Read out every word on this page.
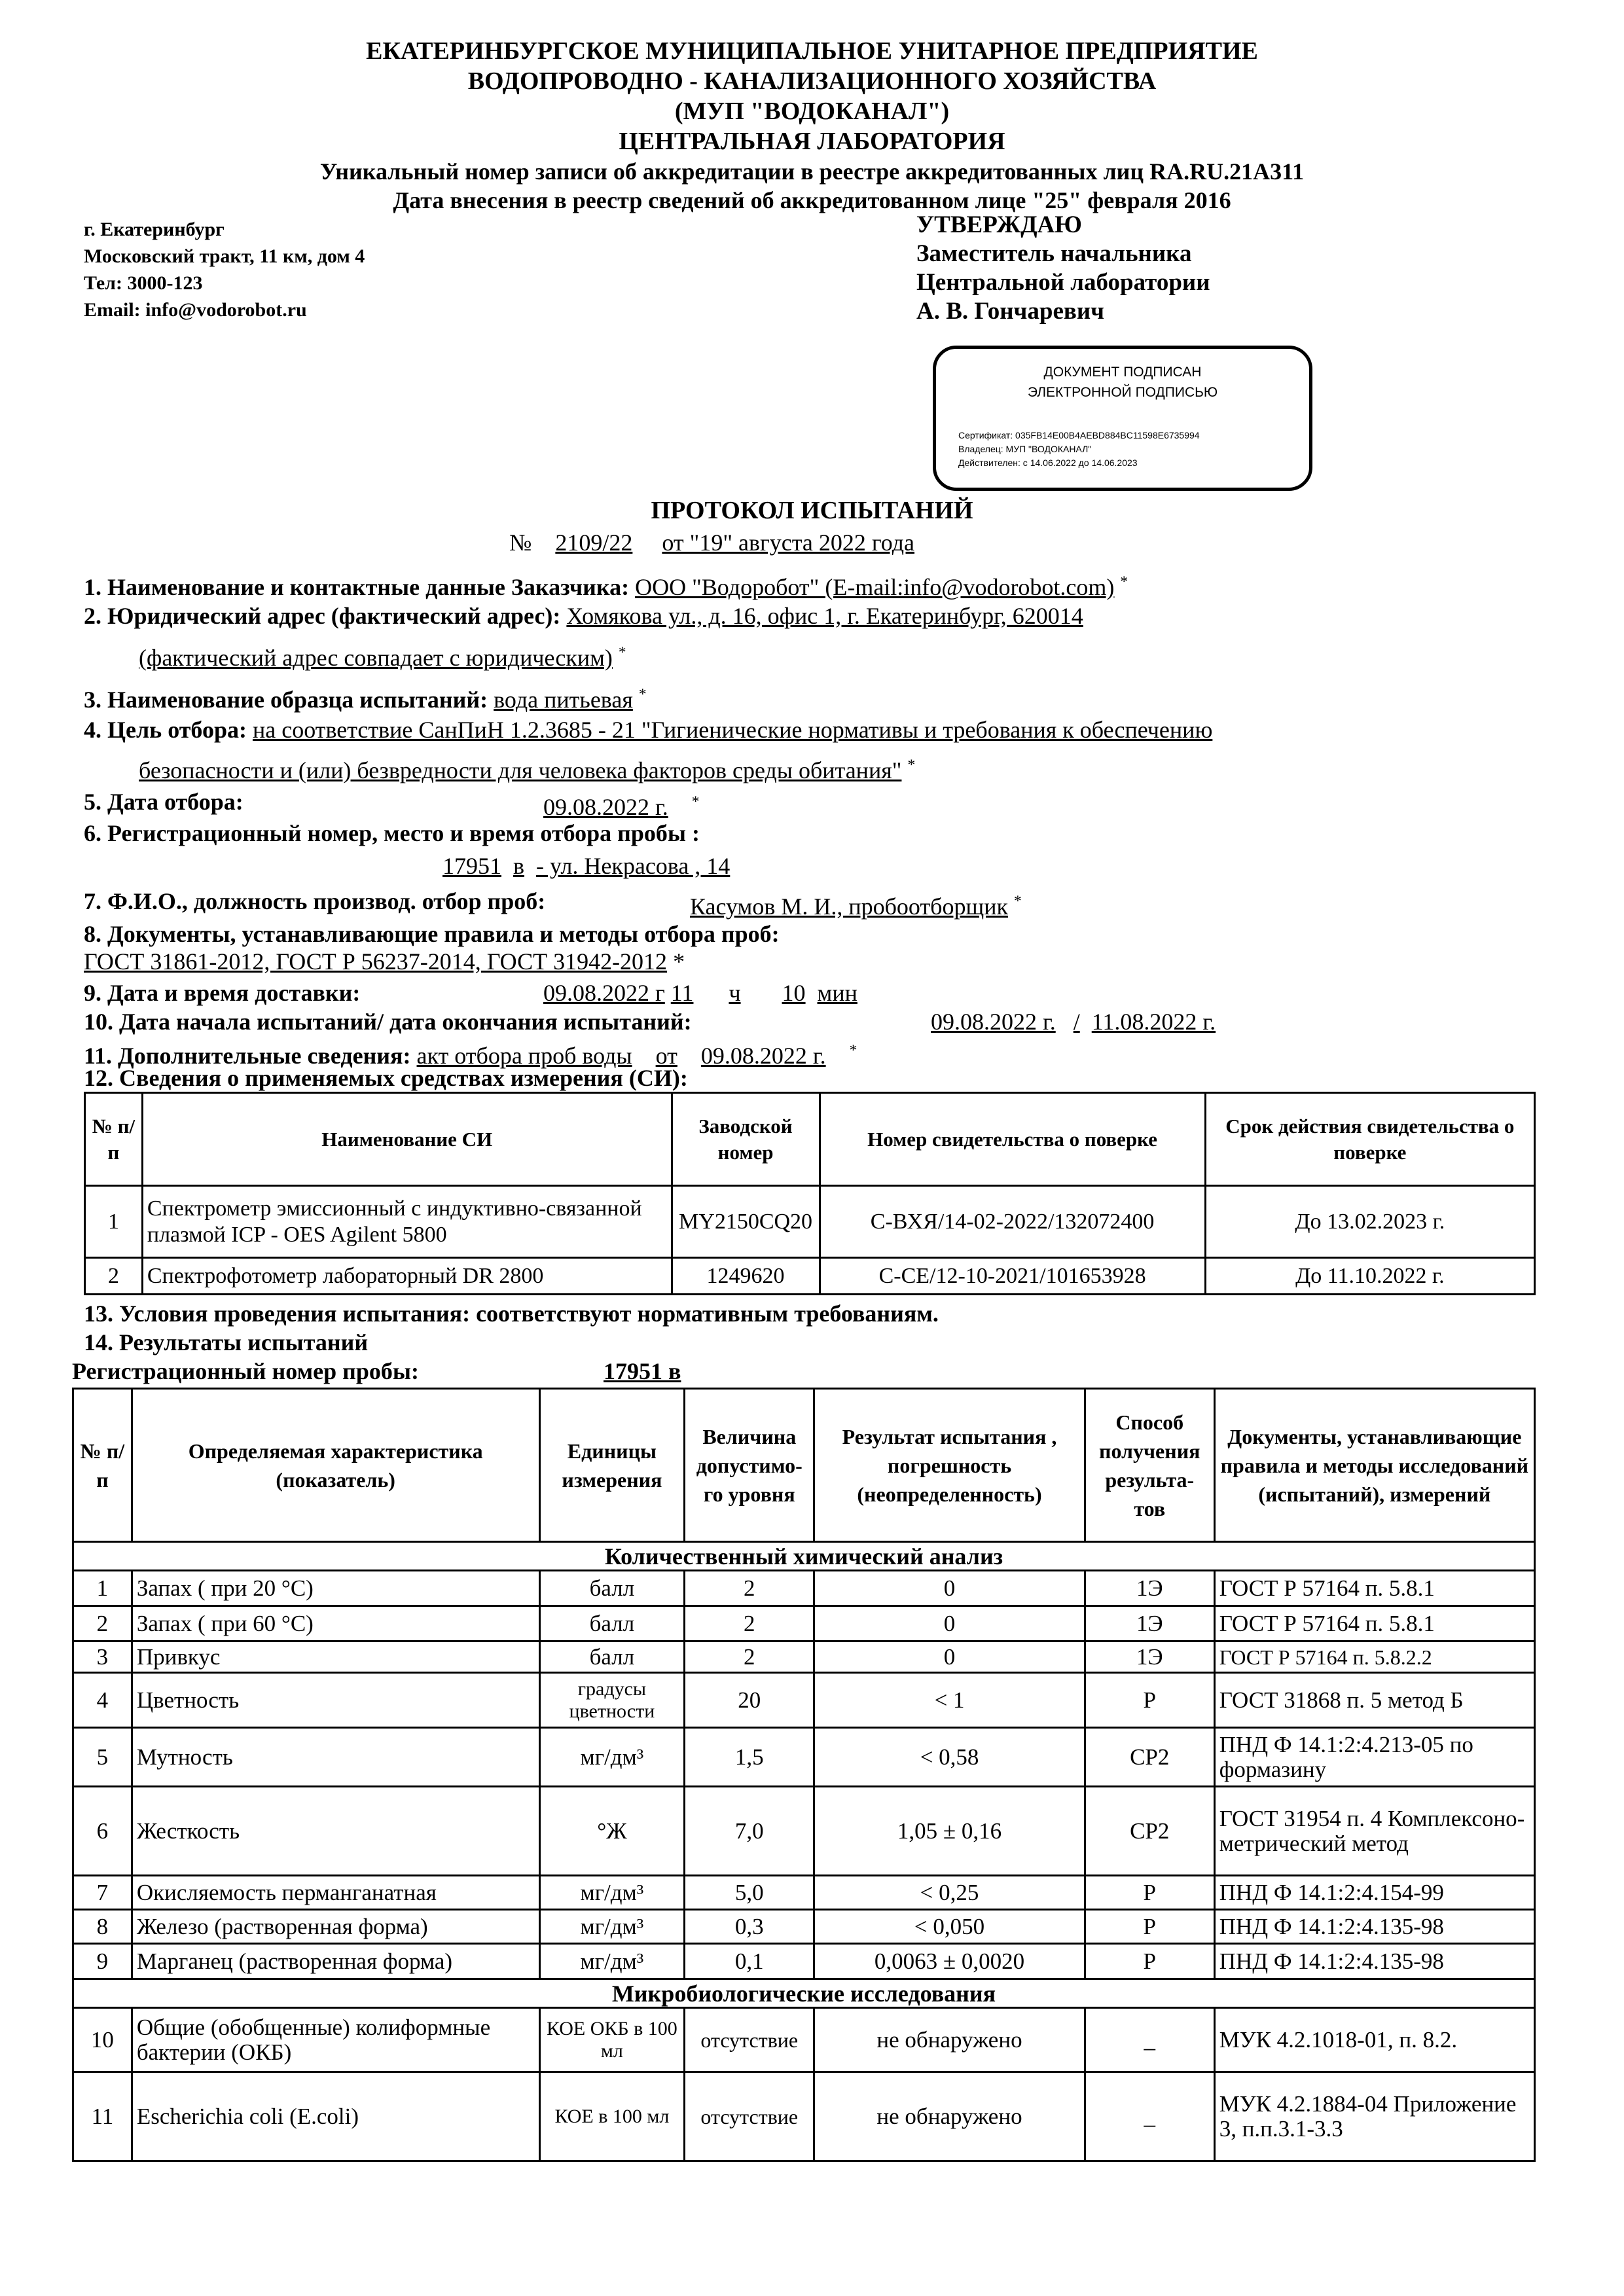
ЕКАТЕРИНБУРГСКОЕ МУНИЦИПАЛЬНОЕ УНИТАРНОЕ ПРЕДПРИЯТИЕ
ВОДОПРОВОДНО - КАНАЛИЗАЦИОННОГО ХОЗЯЙСТВА
(МУП "ВОДОКАНАЛ")
ЦЕНТРАЛЬНАЯ ЛАБОРАТОРИЯ
Уникальный номер записи об аккредитации в реестре аккредитованных лиц RA.RU.21A311
Дата внесения в реестр сведений об аккредитованном лице "25" февраля 2016
г. Екатеринбург
Московский тракт, 11 км, дом 4
Тел: 3000-123
Email: info@vodorobot.ru
УТВЕРЖДАЮ
Заместитель начальника
Центральной лаборатории
А. В. Гончаревич
ДОКУМЕНТ ПОДПИСАН
ЭЛЕКТРОННОЙ ПОДПИСЬЮ
Сертификат: 035FB14E00B4AEBD884BC11598E6735994
Владелец: МУП "ВОДОКАНАЛ"
Действителен: с 14.06.2022 до 14.06.2023
ПРОТОКОЛ ИСПЫТАНИЙ
№ 2109/22 от "19" августа 2022 года
1. Наименование и контактные данные Заказчика: ООО "Водоробот" (E-mail:info@vodorobot.com) *
2. Юридический адрес (фактический адрес): Хомякова ул., д. 16, офис 1, г. Екатеринбург, 620014
(фактический адрес совпадает с юридическим) *
3. Наименование образца испытаний: вода питьевая *
4. Цель отбора: на соответствие СанПиН 1.2.3685 - 21 "Гигиенические нормативы и требования к обеспечению
безопасности и (или) безвредности для человека факторов среды обитания" *
5. Дата отбора:	09.08.2022 г. *
6. Регистрационный номер, место и время отбора пробы :
17951 в - ул. Некрасова , 14
7. Ф.И.О., должность производ. отбор проб:	Касумов М. И., пробоотборщик *
8. Документы, устанавливающие правила и методы отбора проб:
ГОСТ 31861-2012, ГОСТ Р 56237-2014, ГОСТ 31942-2012 *
9. Дата и время доставки:	09.08.2022 г 11 ч 10 мин
10. Дата начала испытаний/ дата окончания испытаний:	09.08.2022 г. / 11.08.2022 г.
11. Дополнительные сведения: акт отбора проб воды от 09.08.2022 г. *
12. Сведения о применяемых средствах измерения (СИ):
№ п/п	Наименование СИ	Заводской номер	Номер свидетельства о поверке	Срок действия свидетельства о поверке
1	Спектрометр эмиссионный с индуктивно-связанной плазмой ICP - OES Agilent 5800	MY2150CQ20	С-ВХЯ/14-02-2022/132072400	До 13.02.2023 г.
2	Спектрофотометр лабораторный DR 2800	1249620	С-СЕ/12-10-2021/101653928	До 11.10.2022 г.
13. Условия проведения испытания: соответствуют нормативным требованиям.
14. Результаты испытаний
Регистрационный номер пробы:	17951 в
№ п/п	Определяемая характеристика (показатель)	Единицы измерения	Величина допустимо-го уровня	Результат испытания , погрешность (неопределенность)	Способ получения результа-тов	Документы, устанавливающие правила и методы исследований (испытаний), измерений
Количественный химический анализ						
1	Запах ( при 20 °С)	балл	2	0	1Э	ГОСТ Р 57164 п. 5.8.1
2	Запах ( при 60 °С)	балл	2	0	1Э	ГОСТ Р 57164 п. 5.8.1
3	Привкус	балл	2	0	1Э	ГОСТ Р 57164 п. 5.8.2.2
4	Цветность	градусы цветности	20	< 1	Р	ГОСТ 31868 п. 5 метод Б
5	Мутность	мг/дм³	1,5	< 0,58	СР2	ПНД Ф 14.1:2:4.213-05 по формазину
6	Жесткость	°Ж	7,0	1,05 ± 0,16	СР2	ГОСТ 31954 п. 4 Комплексоно-метрический метод
7	Окисляемость перманганатная	мг/дм³	5,0	< 0,25	Р	ПНД Ф 14.1:2:4.154-99
8	Железо (растворенная форма)	мг/дм³	0,3	< 0,050	Р	ПНД Ф 14.1:2:4.135-98
9	Марганец (растворенная форма)	мг/дм³	0,1	0,0063 ± 0,0020	Р	ПНД Ф 14.1:2:4.135-98
Микробиологические исследования						
10	Общие (обобщенные) колиформные бактерии (ОКБ)	КОЕ ОКБ в 100 мл	отсутствие	не обнаружено	_	МУК 4.2.1018-01, п. 8.2.
11	Escherichia coli (E.coli)	КОЕ в 100 мл	отсутствие	не обнаружено	_	МУК 4.2.1884-04 Приложение 3, п.п.3.1-3.3
